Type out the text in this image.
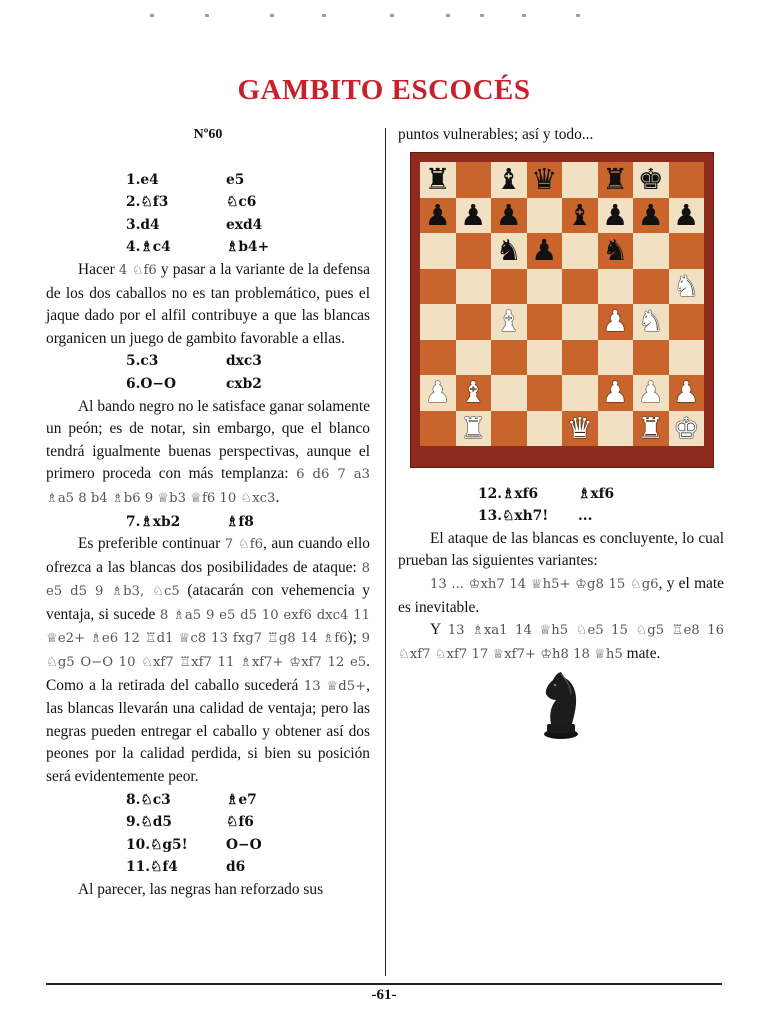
GAMBITO ESCOCÉS
Nº60
1.e4	e5
2.♘f3	♘c6
3.d4	exd4
4.♗c4	♗b4+

Hacer 4 ♘f6 y pasar a la variante de la defensa de los dos caballos no es tan problemático, pues el jaque dado por el alfil contribuye a que las blancas organicen un juego de gambito favorable a ellas.

5.c3	dxc3
6.O−O	cxb2

Al bando negro no le satisface ganar solamente un peón; es de notar, sin embargo, que el blanco tendrá igualmente buenas perspectivas, aunque el primero proceda con más templanza: 6 d6 7 a3 ♗a5 8 b4 ♗b6 9 ♕b3 ♕f6 10 ♘xc3.

7.♗xb2	♗f8

Es preferible continuar 7 ♘f6, aun cuando ello ofrezca a las blancas dos posibilidades de ataque: 8 e5 d5 9 ♗b3, ♘c5 (atacarán con vehemencia y ventaja, si sucede 8 ♗a5 9 e5 d5 10 exf6 dxc4 11 ♕e2+ ♗e6 12 ♖d1 ♕c8 13 fxg7 ♖g8 14 ♗f6); 9 ♘g5 O−O 10 ♘xf7 ♖xf7 11 ♗xf7+ ♔xf7 12 e5. Como a la retirada del caballo sucederá 13 ♕d5+, las blancas llevarán una calidad de ventaja; pero las negras pueden entregar el caballo y obtener así dos peones por la calidad perdida, si bien su posición será evidentemente peor.

8.♘c3	♗e7
9.♘d5	♘f6
10.♘g5!	O−O
11.♘f4	d6

Al parecer, las negras han reforzado sus

puntos vulnerables; así y todo...

12.♗xf6	♗xf6
13.♘xh7!	...

El ataque de las blancas es concluyente, lo cual prueban las siguientes variantes:

13 ... ♔xh7 14 ♕h5+ ♔g8 15 ♘g6, y el mate es inevitable.

Y 13 ♗xa1 14 ♕h5 ♘e5 15 ♘g5 ♖e8 16 ♘xf7 ♘xf7 17 ♕xf7+ ♔h8 18 ♕h5 mate.

♜ ♝ ♛ ♜ ♚
♟ ♟ ♟ ♝ ♟ ♟ ♟
♞ ♟ ♞
♞
♝	♟ ♞
♟ ♝	♟ ♟ ♟
♜	♛ ♜ ♚
-61-
